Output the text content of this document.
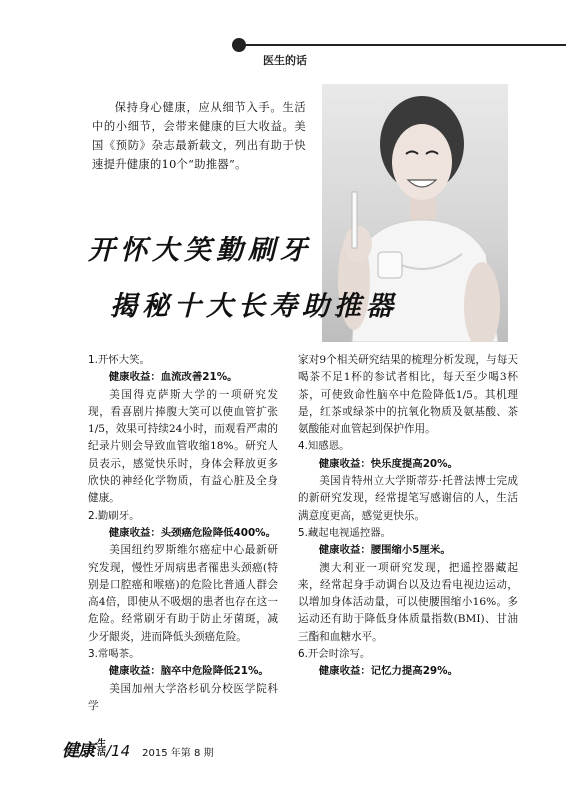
医生的话

保持身心健康，应从细节入手。生活中的小细节，会带来健康的巨大收益。美国《预防》杂志最新载文，列出有助于快速提升健康的10个“助推器”。

开怀大笑勤刷牙
揭秘十大长寿助推器

1.开怀大笑。

健康收益：血流改善21%。

美国得克萨斯大学的一项研究发现，看喜剧片捧腹大笑可以使血管扩张1/5，效果可持续24小时，而观看严肃的纪录片则会导致血管收缩18%。研究人员表示，感觉快乐时，身体会释放更多欣快的神经化学物质，有益心脏及全身健康。

2.勤刷牙。

健康收益：头颈癌危险降低400%。

美国纽约罗斯维尔癌症中心最新研究发现，慢性牙周病患者罹患头颈癌(特别是口腔癌和喉癌)的危险比普通人群会高4倍，即使从不吸烟的患者也存在这一危险。经常刷牙有助于防止牙菌斑，减少牙龈炎，进而降低头颈癌危险。

3.常喝茶。

健康收益：脑卒中危险降低21%。

美国加州大学洛杉矶分校医学院科学

家对9个相关研究结果的梳理分析发现，与每天喝茶不足1杯的参试者相比，每天至少喝3杯茶，可使致命性脑卒中危险降低1/5。其机理是，红茶或绿茶中的抗氧化物质及氨基酸、茶氨酸能对血管起到保护作用。

4.知感恩。

健康收益：快乐度提高20%。

美国肯特州立大学斯蒂芬·托普法博士完成的新研究发现，经常提笔写感谢信的人，生活满意度更高，感觉更快乐。

5.藏起电视遥控器。

健康收益：腰围缩小5厘米。

澳大利亚一项研究发现，把遥控器藏起来，经常起身手动调台以及边看电视边运动，以增加身体活动量，可以使腰围缩小16%。多运动还有助于降低身体质量指数(BMI)、甘油三酯和血糖水平。

6.开会时涂写。

健康收益：记忆力提高29%。

健康 生活 /14 2015 年第 8 期
